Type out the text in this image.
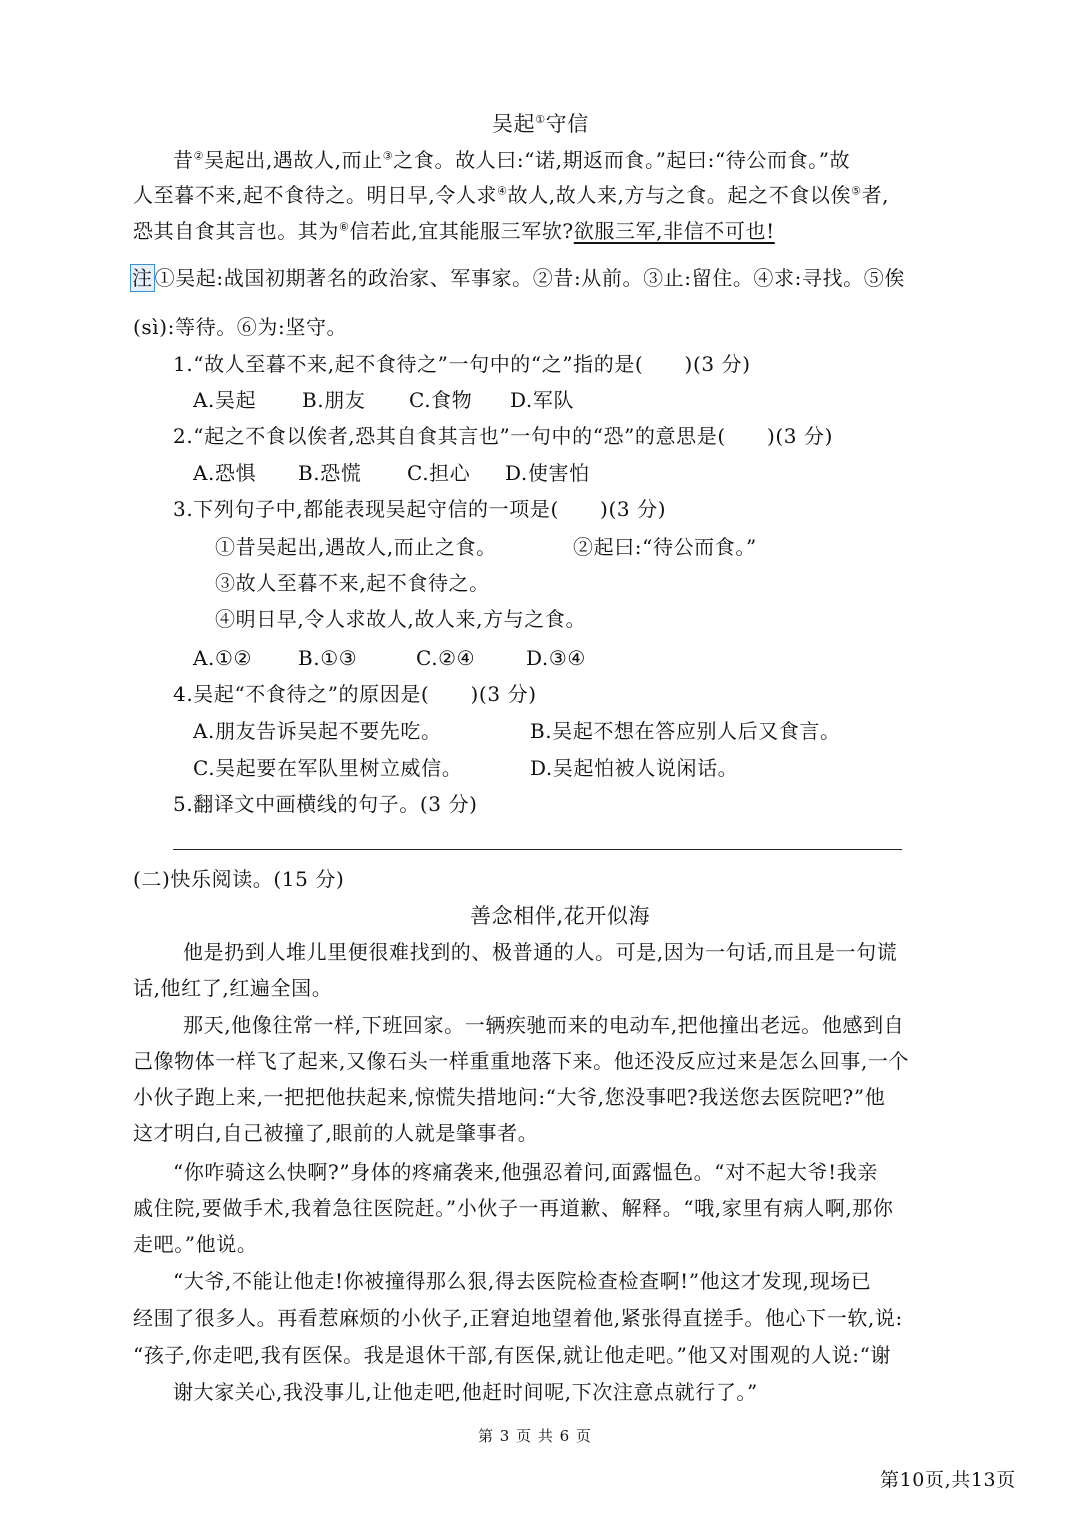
吴起①守信
昔②吴起出,遇故人,而止③之食。故人曰:“诺,期返而食。”起曰:“待公而食。”故
人至暮不来,起不食待之。明日早,令人求④故人,故人来,方与之食。起之不食以俟⑤者,
恐其自食其言也。其为⑥信若此,宜其能服三军欤?欲服三军,非信不可也!
注 ①吴起:战国初期著名的政治家、军事家。②昔:从前。③止:留住。④求:寻找。⑤俟
(sì):等待。⑥为:坚守。
1.“故人至暮不来,起不食待之”一句中的“之”指的是(　　)(3 分)
A.吴起 B.朋友 C.食物 D.军队
2.“起之不食以俟者,恐其自食其言也”一句中的“恐”的意思是(　　)(3 分)
A.恐惧 B.恐慌 C.担心 D.使害怕
3.下列句子中,都能表现吴起守信的一项是(　　)(3 分)
①昔吴起出,遇故人,而止之食。	②起曰:“待公而食。”
③故人至暮不来,起不食待之。
④明日早,令人求故人,故人来,方与之食。
A.①② B.①③	C.②④	D.③④
4.吴起“不食待之”的原因是(　　)(3 分)
A.朋友告诉吴起不要先吃。	B.吴起不想在答应别人后又食言。
C.吴起要在军队里树立威信。	D.吴起怕被人说闲话。
5.翻译文中画横线的句子。(3 分)
(二)快乐阅读。(15 分)
善念相伴,花开似海
他是扔到人堆儿里便很难找到的、极普通的人。可是,因为一句话,而且是一句谎
话,他红了,红遍全国。
那天,他像往常一样,下班回家。一辆疾驰而来的电动车,把他撞出老远。他感到自
己像物体一样飞了起来,又像石头一样重重地落下来。他还没反应过来是怎么回事,一个
小伙子跑上来,一把把他扶起来,惊慌失措地问:“大爷,您没事吧?我送您去医院吧?”他
这才明白,自己被撞了,眼前的人就是肇事者。
“你咋骑这么快啊?”身体的疼痛袭来,他强忍着问,面露愠色。“对不起大爷!我亲
戚住院,要做手术,我着急往医院赶。”小伙子一再道歉、解释。“哦,家里有病人啊,那你
走吧。”他说。
“大爷,不能让他走!你被撞得那么狠,得去医院检查检查啊!”他这才发现,现场已
经围了很多人。再看惹麻烦的小伙子,正窘迫地望着他,紧张得直搓手。他心下一软,说:
“孩子,你走吧,我有医保。我是退休干部,有医保,就让他走吧。”他又对围观的人说:“谢
谢大家关心,我没事儿,让他走吧,他赶时间呢,下次注意点就行了。”
第 3 页 共 6 页
第10页,共13页
